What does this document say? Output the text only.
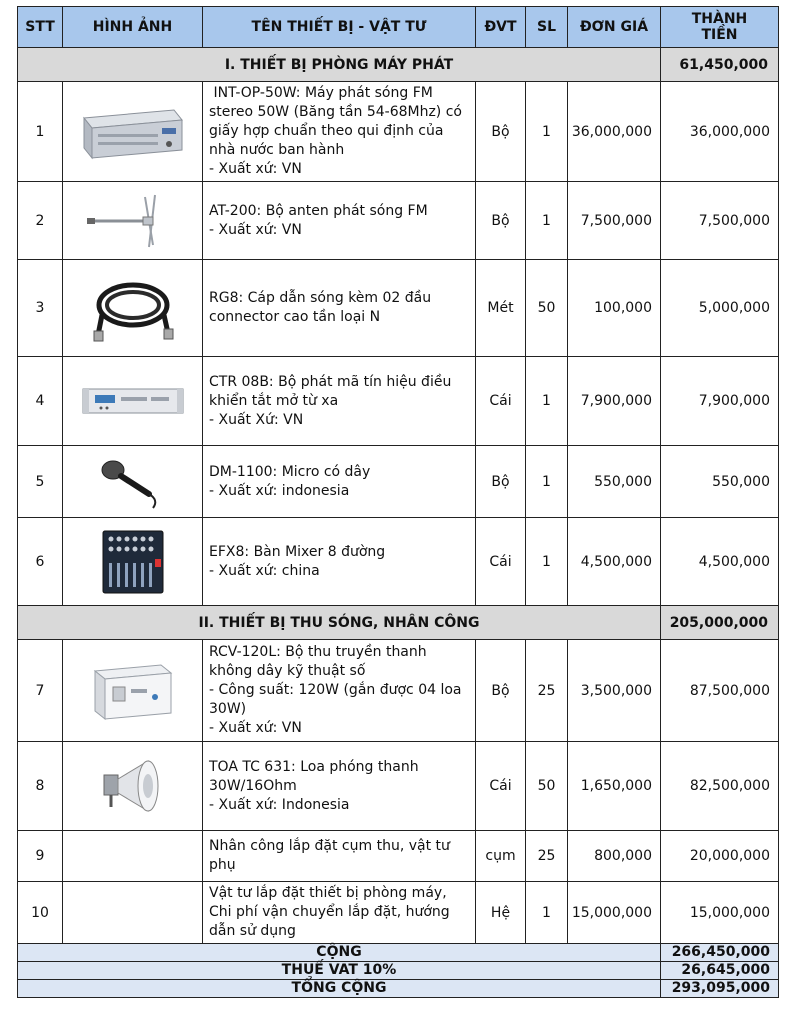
STT	HÌNH ẢNH	TÊN THIẾT BỊ - VẬT TƯ	ĐVT	SL	ĐƠN GIÁ	THÀNH
TIỀN

I. THIẾT BỊ PHÒNG MÁY PHÁT						61,450,000
1		INT-OP-50W: Máy phát sóng FM
stereo 50W (Băng tần 54-68Mhz) có
giấy hợp chuẩn theo qui định của
nhà nước ban hành
- Xuất xứ: VN	Bộ	1	36,000,000	36,000,000
2		AT-200: Bộ anten phát sóng FM
- Xuất xứ: VN	Bộ	1	7,500,000	7,500,000
3		RG8: Cáp dẫn sóng kèm 02 đầu
connector cao tần loại N	Mét	50	100,000	5,000,000
4		CTR 08B: Bộ phát mã tín hiệu điều
khiển tắt mở từ xa
- Xuất Xứ: VN	Cái	1	7,900,000	7,900,000
5		DM-1100: Micro có dây
- Xuất xứ: indonesia	Bộ	1	550,000	550,000
6		EFX8: Bàn Mixer 8 đường
- Xuất xứ: china	Cái	1	4,500,000	4,500,000
II. THIẾT BỊ THU SÓNG, NHÂN CÔNG						205,000,000
7		RCV-120L: Bộ thu truyền thanh
không dây kỹ thuật số
- Công suất: 120W (gắn được 04 loa
30W)
- Xuất xứ: VN	Bộ	25	3,500,000	87,500,000
8		TOA TC 631: Loa phóng thanh
30W/16Ohm
- Xuất xứ: Indonesia	Cái	50	1,650,000	82,500,000
9		Nhân công lắp đặt cụm thu, vật tư
phụ	cụm	25	800,000	20,000,000
10		Vật tư lắp đặt thiết bị phòng máy,
Chi phí vận chuyển lắp đặt, hướng
dẫn sử dụng	Hệ	1	15,000,000	15,000,000
CỘNG						266,450,000
THUẾ VAT 10%						26,645,000
TỔNG CỘNG						293,095,000
